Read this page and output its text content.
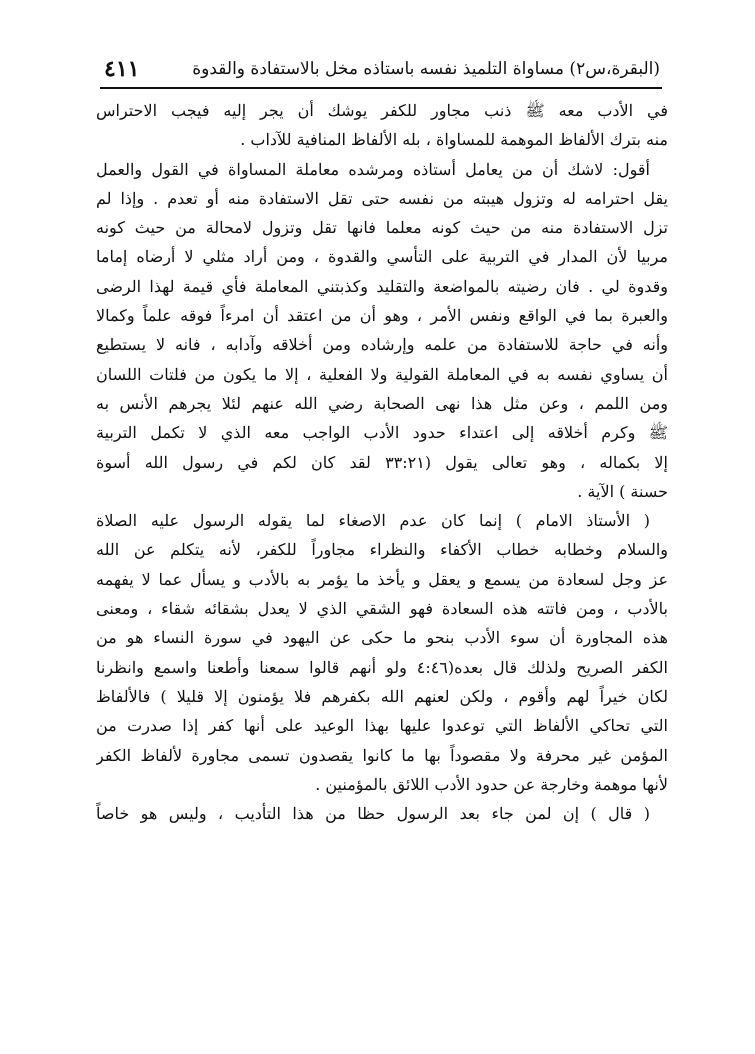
(البقرة،س٢) مساواة التلميذ نفسه باستاذه مخل بالاستفادة والقدوة
٤١١
في الأدب معه ﷺ ذنب مجاور للكفر يوشك أن يجر إليه فيجب الاحتراس
منه بترك الألفاظ الموهمة للمساواة ، بله الألفاظ المنافية للآداب .
أقول: لاشك أن من يعامل أستاذه ومرشده معاملة المساواة في القول والعمل
يقل احترامه له وتزول هيبته من نفسه حتى تقل الاستفادة منه أو تعدم . وإذا لم
تزل الاستفادة منه من حيث كونه معلما فانها تقل وتزول لامحالة من حيث كونه
مربيا لأن المدار في التربية على التأسي والقدوة ، ومن أراد مثلي لا أرضاه إماما
وقدوة لي . فان رضيته بالمواضعة والتقليد وكذبتني المعاملة فأي قيمة لهذا الرضى
والعبرة بما في الواقع ونفس الأمر ، وهو أن من اعتقد أن امرءاً فوقه علماً وكمالا
وأنه في حاجة للاستفادة من علمه وإرشاده ومن أخلاقه وآدابه ، فانه لا يستطيع
أن يساوي نفسه به في المعاملة القولية ولا الفعلية ، إلا ما يكون من فلتات اللسان
ومن اللمم ، وعن مثل هذا نهى الصحابة رضي الله عنهم لئلا يجرهم الأنس به
ﷺ وكرم أخلاقه إلى اعتداء حدود الأدب الواجب معه الذي لا تكمل التربية
إلا بكماله ، وهو تعالى يقول (٣٣:٢١ لقد كان لكم في رسول الله أسوة
حسنة ) الآية .
( الأستاذ الامام ) إنما كان عدم الاصغاء لما يقوله الرسول عليه الصلاة
والسلام وخطابه خطاب الأكفاء والنظراء مجاوراً للكفر، لأنه يتكلم عن الله
عز وجل لسعادة من يسمع و يعقل و يأخذ ما يؤمر به بالأدب و يسأل عما لا يفهمه
بالأدب ، ومن فاتته هذه السعادة فهو الشقي الذي لا يعدل بشقائه شقاء ، ومعنى
هذه المجاورة أن سوء الأدب بنحو ما حكى عن اليهود في سورة النساء هو من
الكفر الصريح ولذلك قال بعده(٤:٤٦ ولو أنهم قالوا سمعنا وأطعنا واسمع وانظرنا
لكان خيراً لهم وأقوم ، ولكن لعنهم الله بكفرهم فلا يؤمنون إلا قليلا ) فالألفاظ
التي تحاكي الألفاظ التي توعدوا عليها بهذا الوعيد على أنها كفر إذا صدرت من
المؤمن غير محرفة ولا مقصوداً بها ما كانوا يقصدون تسمى مجاورة لألفاظ الكفر
لأنها موهمة وخارجة عن حدود الأدب اللائق بالمؤمنين .
( قال ) إن لمن جاء بعد الرسول حظا من هذا التأديب ، وليس هو خاصاً
